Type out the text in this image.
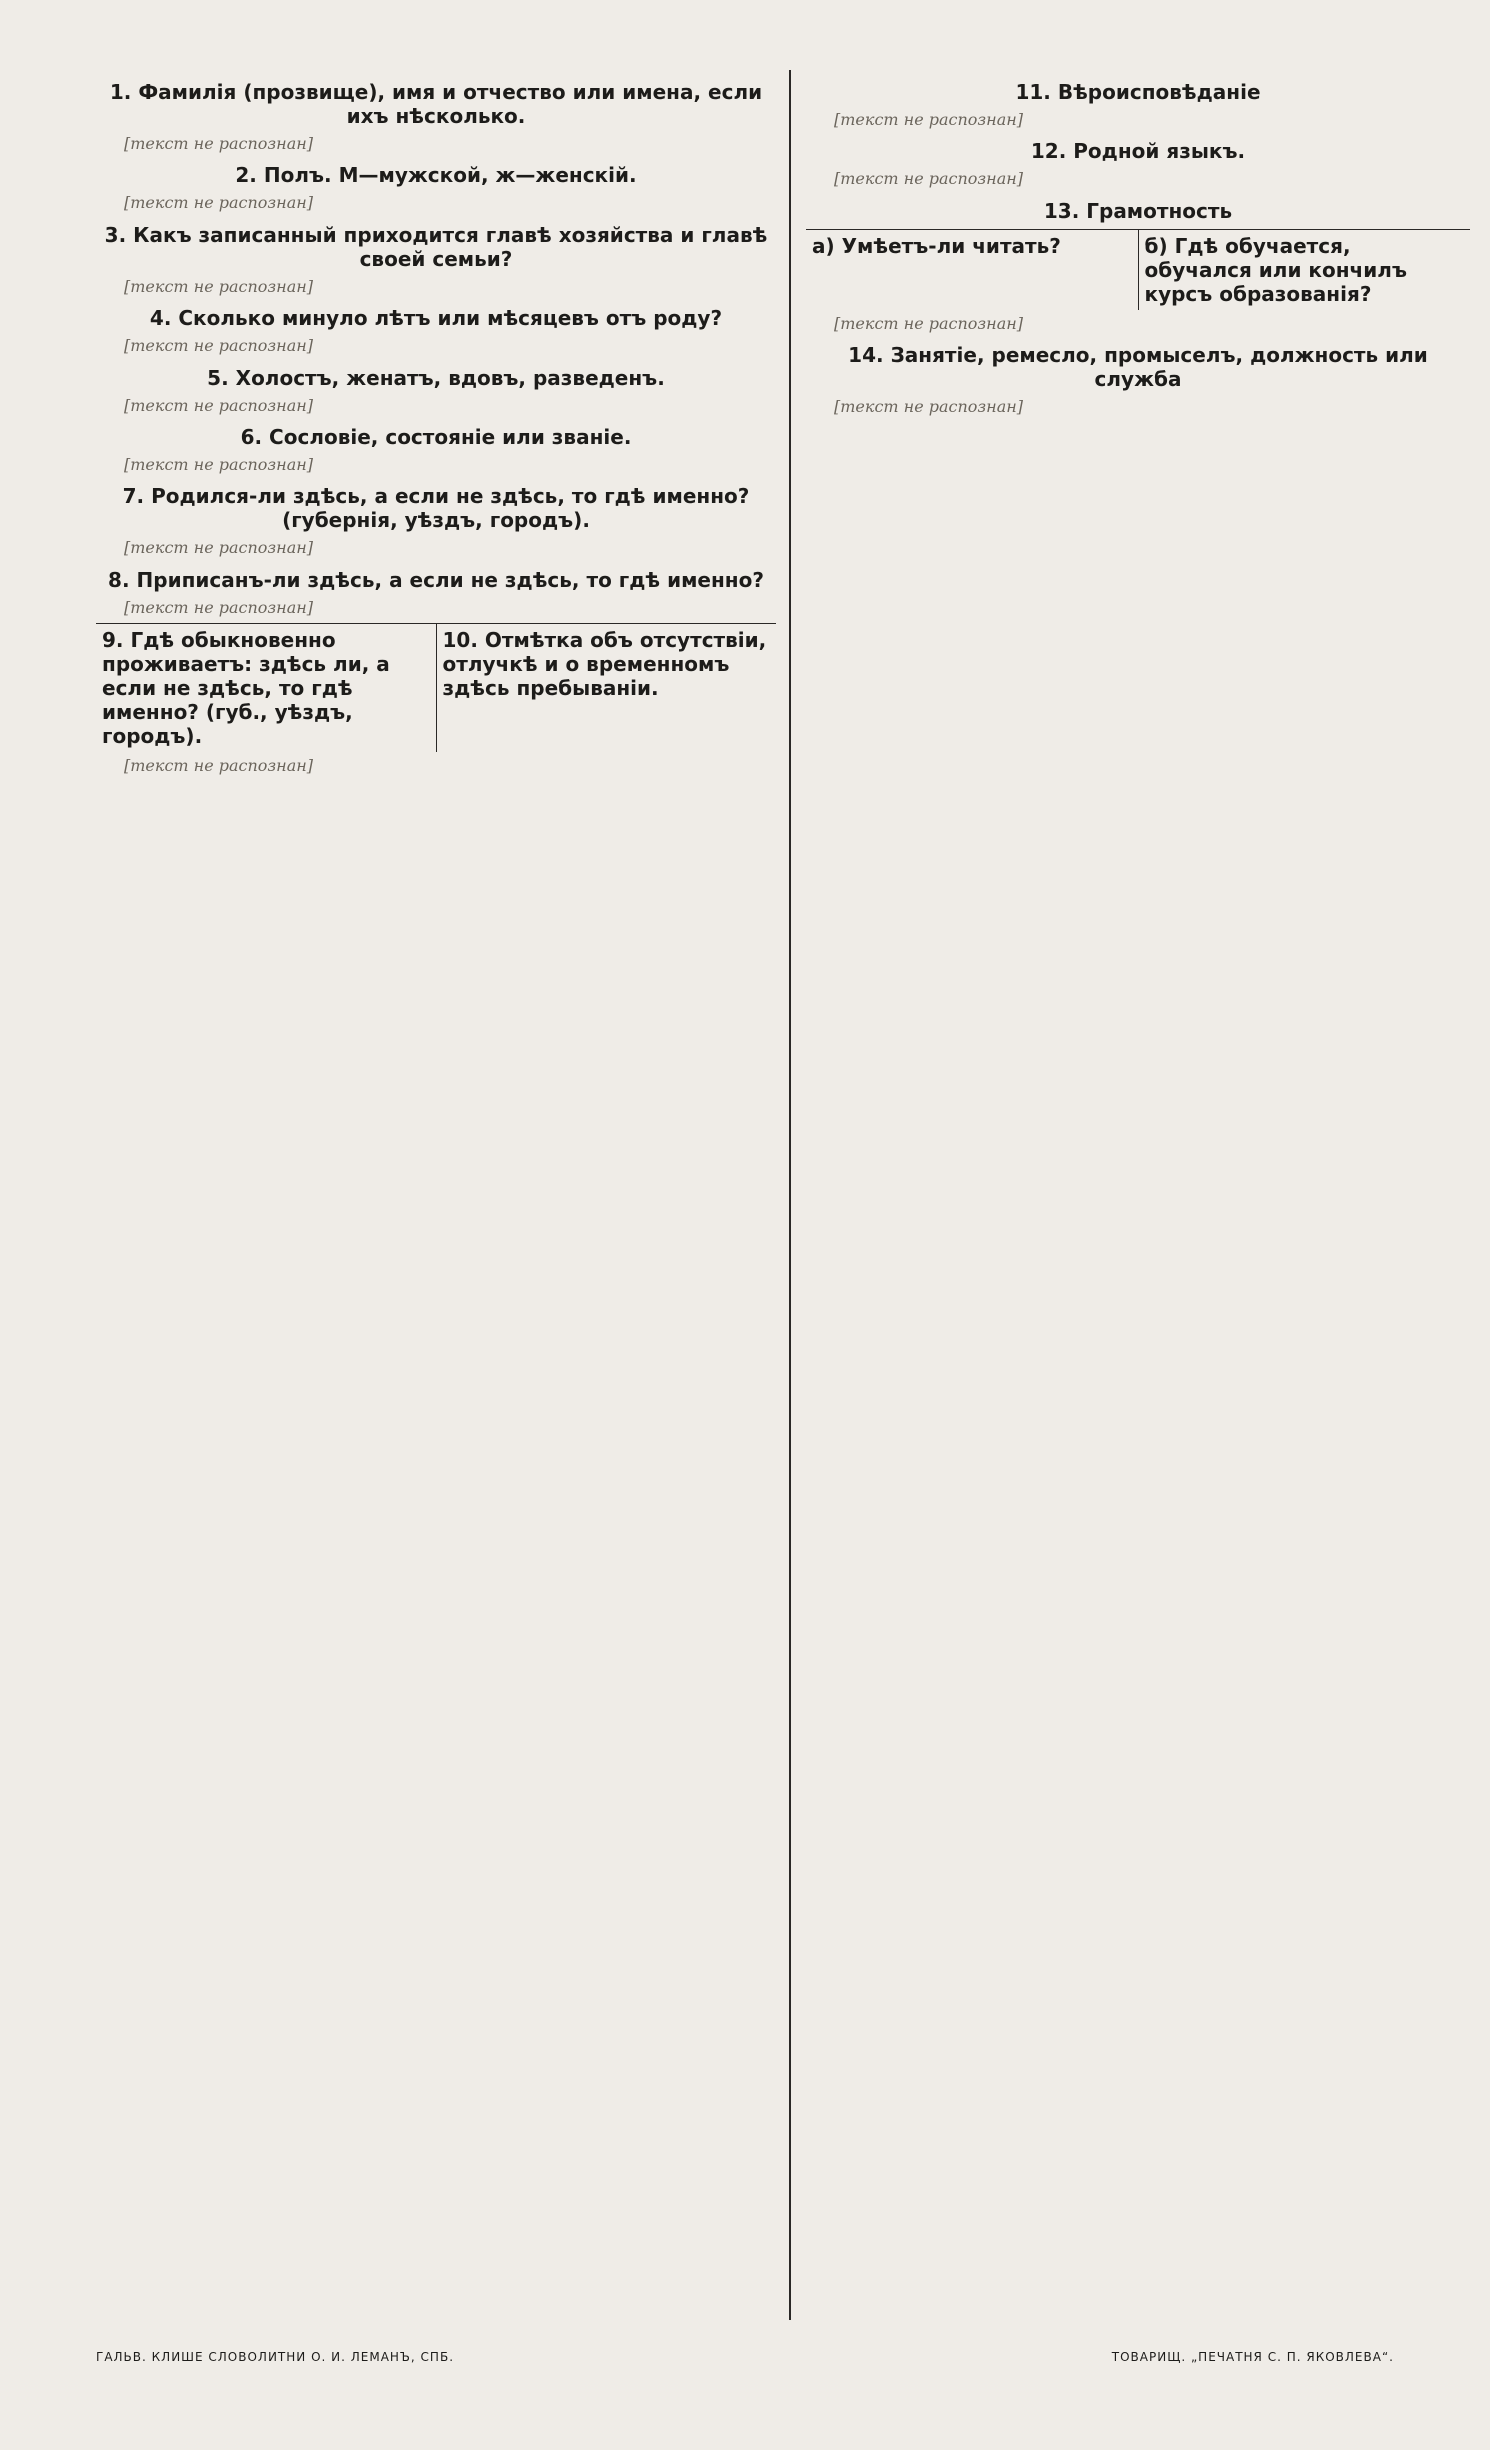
1. Фамилія (прозвище), имя и отчество или имена, если ихъ нѣсколько.

[текст не распознан]

2. Полъ. М—мужской, ж—женскій.

[текст не распознан]

3. Какъ записанный приходится главѣ хозяйства и главѣ своей семьи?

[текст не распознан]

4. Сколько минуло лѣтъ или мѣсяцевъ отъ роду?

[текст не распознан]

5. Холостъ, женатъ, вдовъ, разведенъ.

[текст не распознан]

6. Сословіе, состояніе или званіе.

[текст не распознан]

7. Родился-ли здѣсь, а если не здѣсь, то гдѣ именно? (губернія, уѣздъ, городъ).

[текст не распознан]

8. Приписанъ-ли здѣсь, а если не здѣсь, то гдѣ именно?

[текст не распознан]

9. Гдѣ обыкновенно проживаетъ: здѣсь ли, а если не здѣсь, то гдѣ именно? (губ., уѣздъ, городъ).
10. Отмѣтка объ отсутствіи, отлучкѣ и о временномъ здѣсь пребываніи.

[текст не распознан]

11. Вѣроисповѣданіе

[текст не распознан]

12. Родной языкъ.

[текст не распознан]

13. Грамотность
а) Умѣетъ-ли читать?	б) Гдѣ обучается, обучался или кончилъ курсъ образованія?

[текст не распознан]

14. Занятіе, ремесло, промыселъ, должность или служба

[текст не распознан]

ГАЛЬВ. КЛИШЕ СЛОВОЛИТНИ О. И. ЛЕМАНЪ, СПБ.	ТОВАРИЩ. „ПЕЧАТНЯ С. П. ЯКОВЛЕВА“.
